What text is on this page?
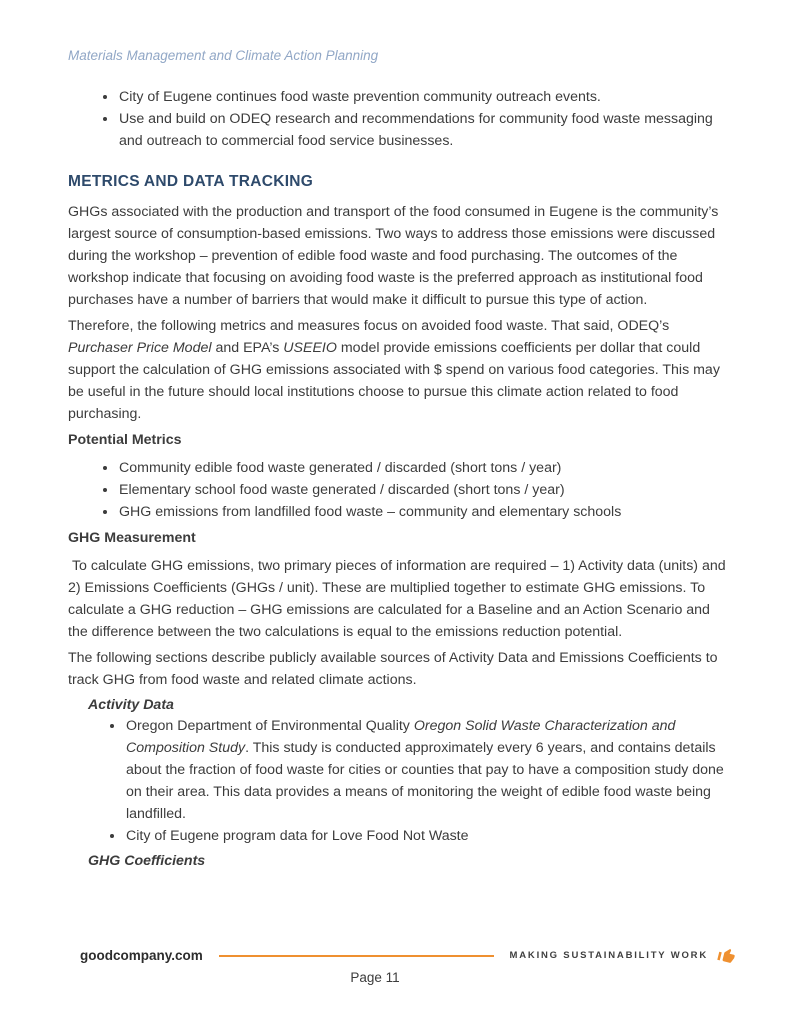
Materials Management and Climate Action Planning
• City of Eugene continues food waste prevention community outreach events.
• Use and build on ODEQ research and recommendations for community food waste messaging and outreach to commercial food service businesses.
METRICS AND DATA TRACKING

GHGs associated with the production and transport of the food consumed in Eugene is the community’s largest source of consumption-based emissions. Two ways to address those emissions were discussed during the workshop – prevention of edible food waste and food purchasing. The outcomes of the workshop indicate that focusing on avoiding food waste is the preferred approach as institutional food purchases have a number of barriers that would make it difficult to pursue this type of action.

Therefore, the following metrics and measures focus on avoided food waste. That said, ODEQ’s Purchaser Price Model and EPA’s USEEIO model provide emissions coefficients per dollar that could support the calculation of GHG emissions associated with $ spend on various food categories. This may be useful in the future should local institutions choose to pursue this climate action related to food purchasing.

Potential Metrics
• Community edible food waste generated / discarded (short tons / year)
• Elementary school food waste generated / discarded (short tons / year)
• GHG emissions from landfilled food waste – community and elementary schools
GHG Measurement

To calculate GHG emissions, two primary pieces of information are required – 1) Activity data (units) and 2) Emissions Coefficients (GHGs / unit). These are multiplied together to estimate GHG emissions. To calculate a GHG reduction – GHG emissions are calculated for a Baseline and an Action Scenario and the difference between the two calculations is equal to the emissions reduction potential.

The following sections describe publicly available sources of Activity Data and Emissions Coefficients to track GHG from food waste and related climate actions.

Activity Data
• Oregon Department of Environmental Quality Oregon Solid Waste Characterization and Composition Study. This study is conducted approximately every 6 years, and contains details about the fraction of food waste for cities or counties that pay to have a composition study done on their area. This data provides a means of monitoring the weight of edible food waste being landfilled.
• City of Eugene program data for Love Food Not Waste
GHG Coefficients
goodcompany.com	MAKING SUSTAINABILITY WORK
Page 11
